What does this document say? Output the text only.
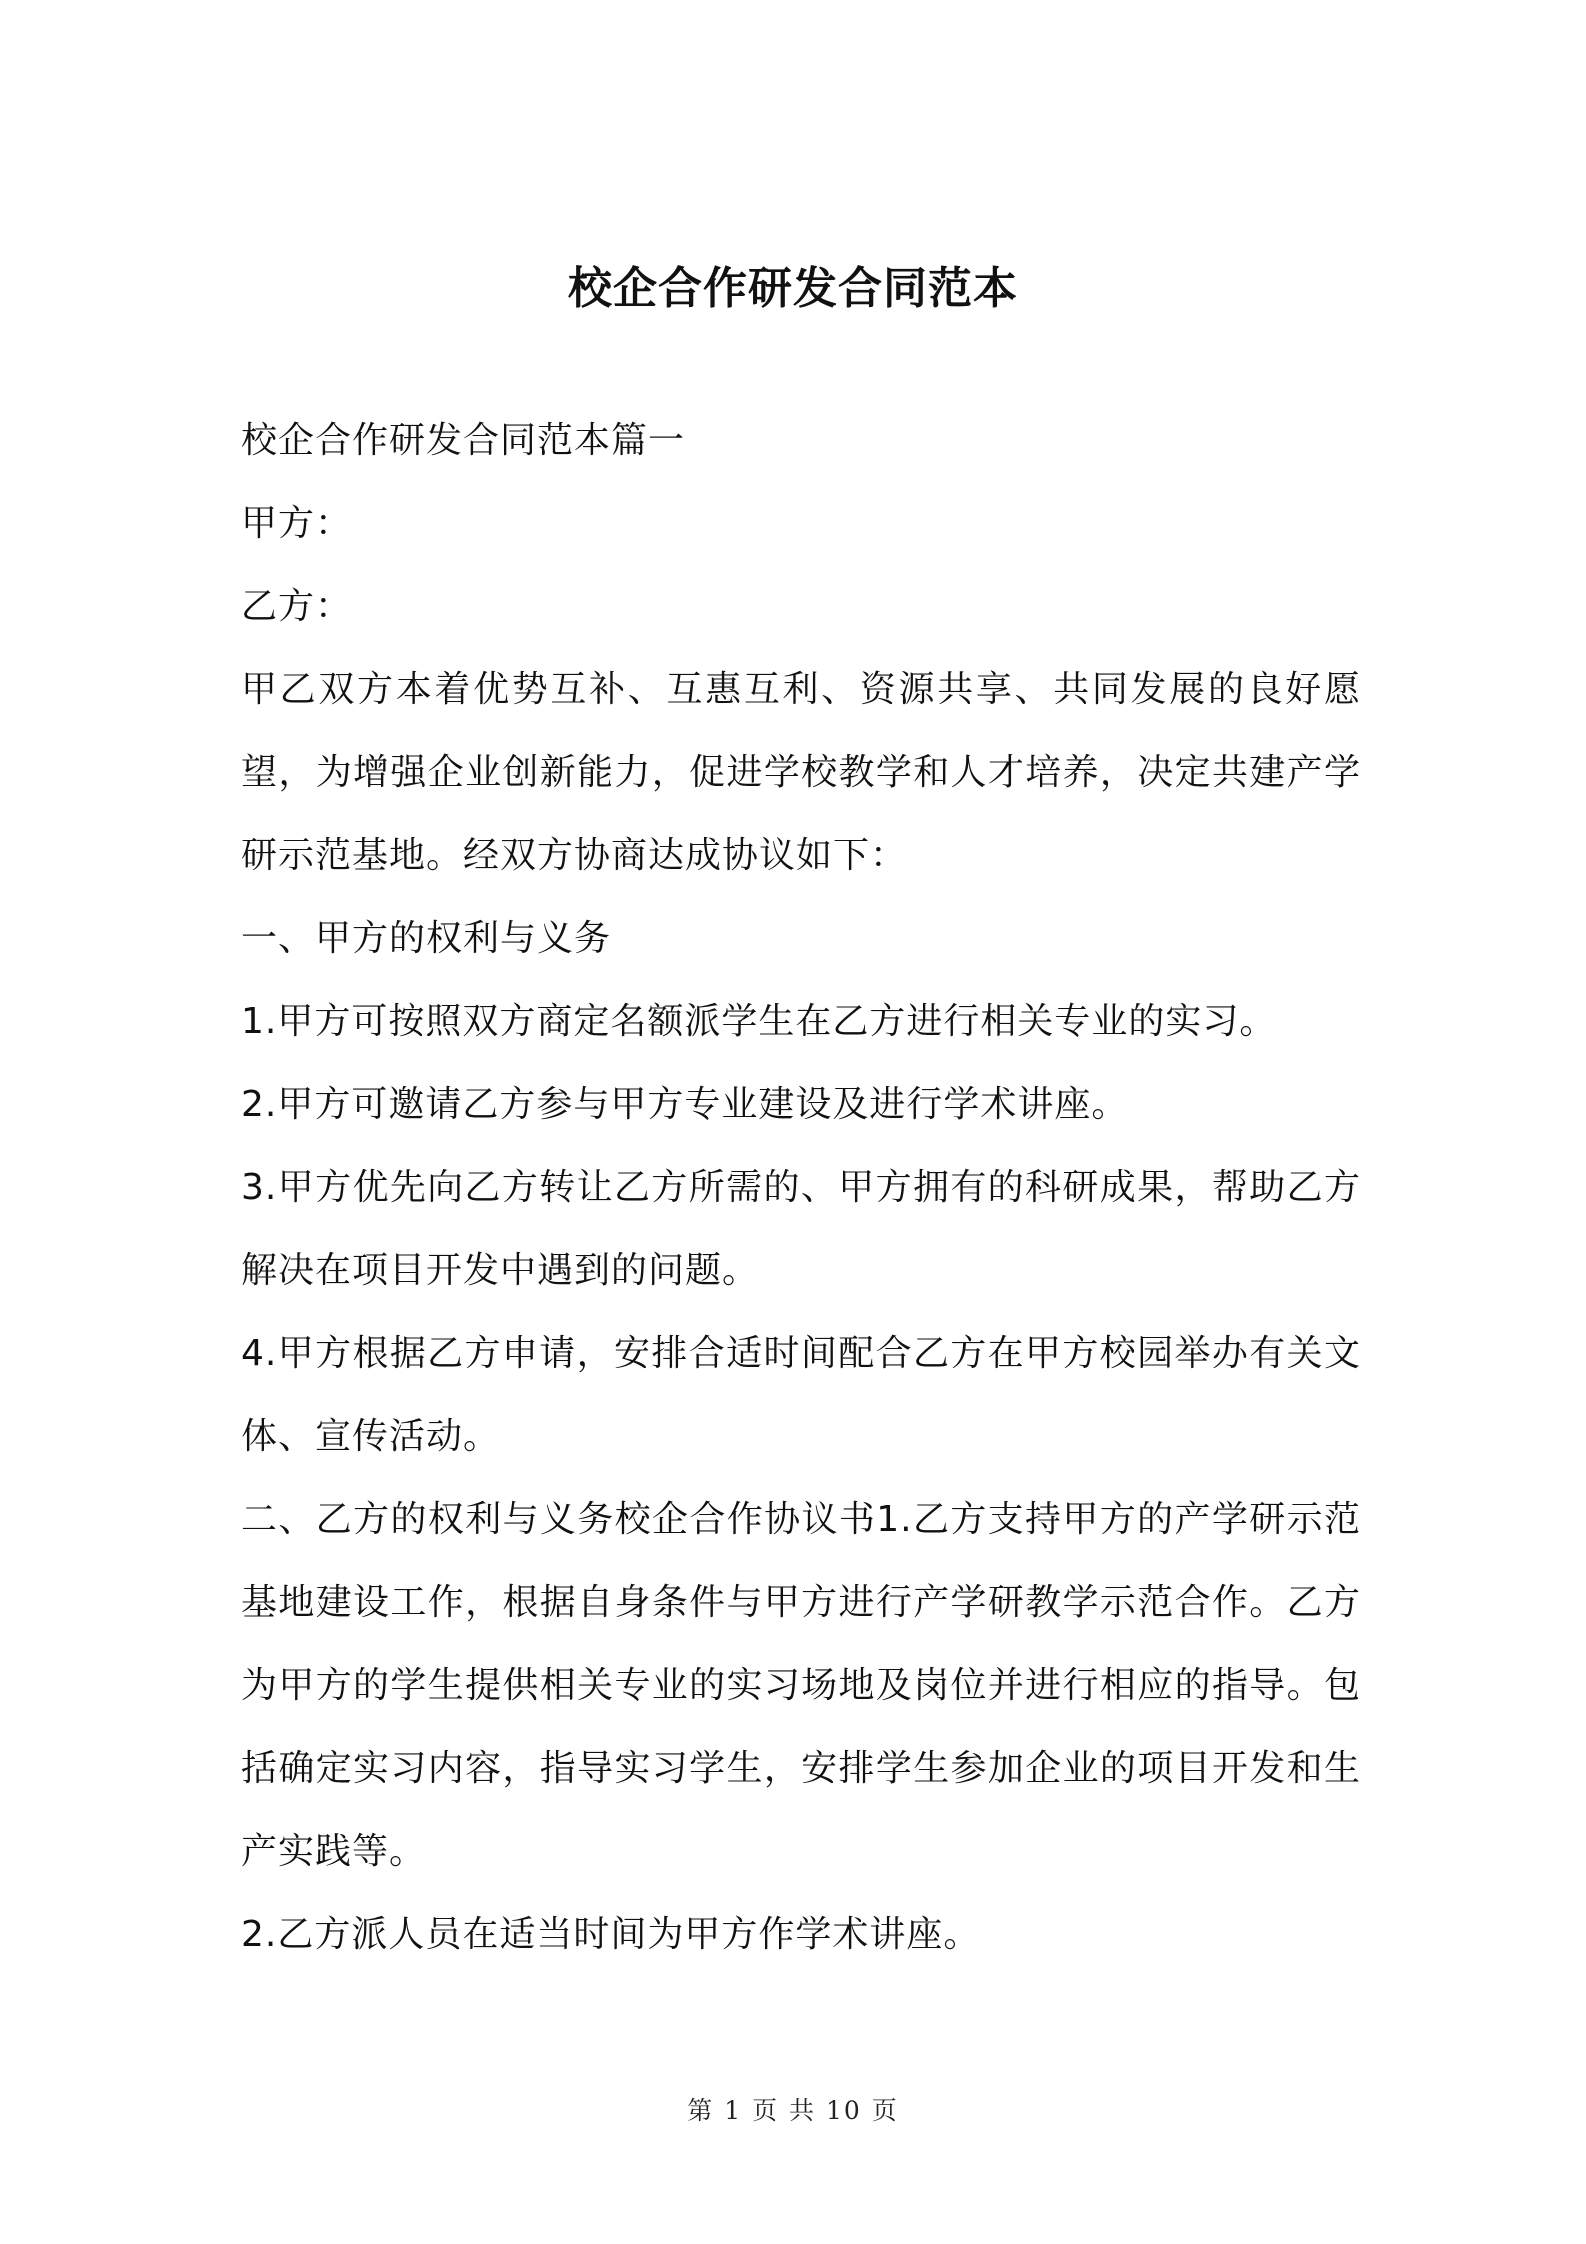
校企合作研发合同范本

校企合作研发合同范本篇一

甲方：

乙方：

甲乙双方本着优势互补、互惠互利、资源共享、共同发展的良好愿望，为增强企业创新能力，促进学校教学和人才培养，决定共建产学研示范基地。经双方协商达成协议如下：

一、甲方的权利与义务

1.甲方可按照双方商定名额派学生在乙方进行相关专业的实习。

2.甲方可邀请乙方参与甲方专业建设及进行学术讲座。

3.甲方优先向乙方转让乙方所需的、甲方拥有的科研成果，帮助乙方解决在项目开发中遇到的问题。

4.甲方根据乙方申请，安排合适时间配合乙方在甲方校园举办有关文体、宣传活动。

二、乙方的权利与义务校企合作协议书1.乙方支持甲方的产学研示范基地建设工作，根据自身条件与甲方进行产学研教学示范合作。乙方为甲方的学生提供相关专业的实习场地及岗位并进行相应的指导。包括确定实习内容，指导实习学生，安排学生参加企业的项目开发和生产实践等。

2.乙方派人员在适当时间为甲方作学术讲座。

第 1 页 共 10 页
